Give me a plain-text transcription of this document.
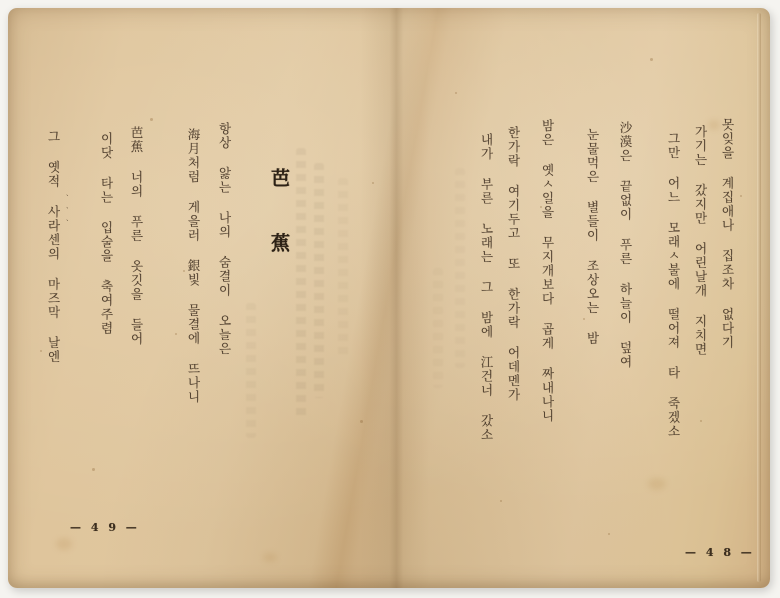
못잊을 계집애나 집조차 없다기
가기는 갔지만 어린날개 지치면
그만 어느 모래ㅅ불에 떨어져 타 죽겠소
沙漠은 끝없이 푸른 하늘이 덮여
눈물먹은 별들이 조상오는 밤
밤은 옛ㅅ일을 무지개보다 곱게 짜내나니
한가락 여기두고 또 한가락 어데멘가
내가 부른 노래는 그 밤에 江건너 갔소
— 4 8 —
芭蕉
항상 앓는 나의 숨결이 오늘은
海月처럼 게을러 銀빛 물결에 뜨나니
芭蕉 너의 푸른 옷깃을 들어
이닷 타는 입술을 축여주렴
그 옛적 사라센의 마즈막 날엔 、、、
— 4 9 —
